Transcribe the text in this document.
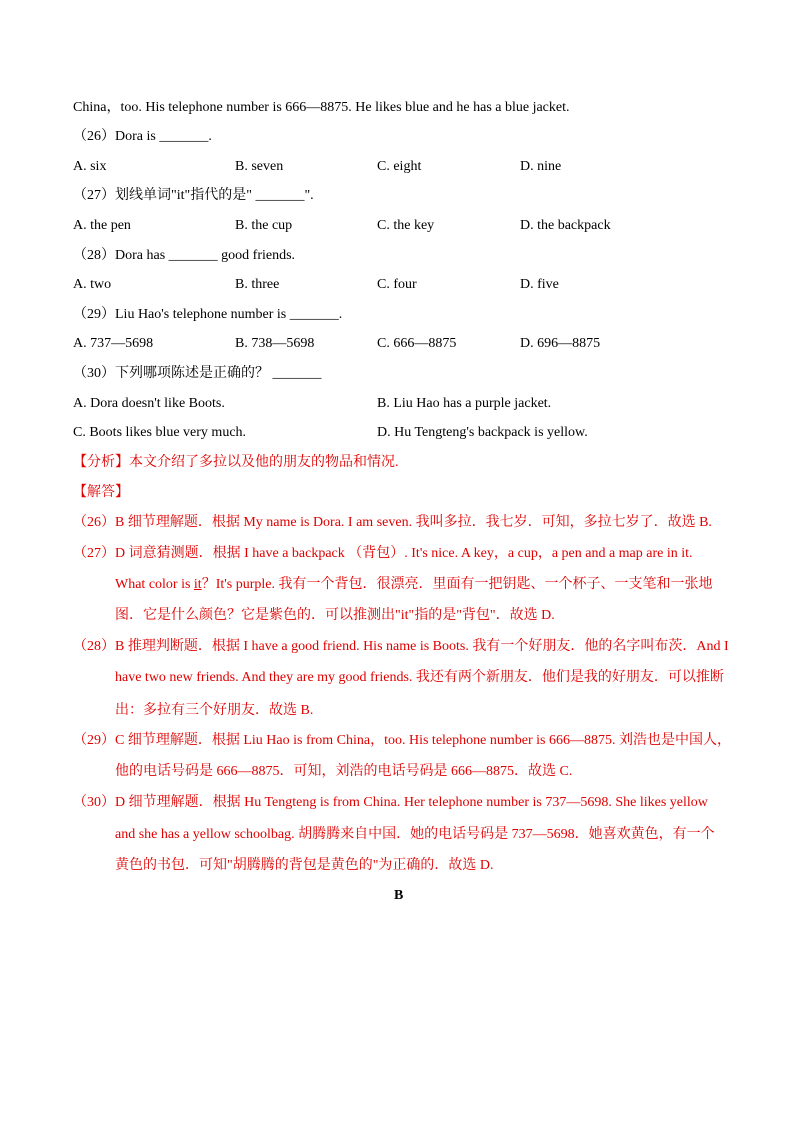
China，too. His telephone number is 666—8875. He likes blue and he has a blue jacket.
（26）Dora is _______.
A. six	B. seven	C. eight	D. nine
（27）划线单词"it"指代的是" _______".
A. the pen	B. the cup	C. the key	D. the backpack
（28）Dora has _______ good friends.
A. two	B. three	C. four	D. five
（29）Liu Hao's telephone number is _______.
A. 737—5698	B. 738—5698	C. 666—8875	D. 696—8875
（30）下列哪项陈述是正确的？ _______
A. Dora doesn't like Boots.	B. Liu Hao has a purple jacket.
C. Boots likes blue very much.	D. Hu Tengteng's backpack is yellow.
【分析】本文介绍了多拉以及他的朋友的物品和情况.
【解答】
（26）B 细节理解题．根据 My name is Dora. I am seven. 我叫多拉．我七岁．可知，多拉七岁了．故选 B.
（27）D 词意猜测题．根据 I have a backpack （背包）. It's nice. A key，a cup，a pen and a map are in it.
What color is it？It's purple. 我有一个背包．很漂亮．里面有一把钥匙、一个杯子、一支笔和一张地
图．它是什么颜色？它是紫色的．可以推测出"it"指的是"背包"．故选 D.
（28）B 推理判断题．根据 I have a good friend. His name is Boots. 我有一个好朋友．他的名字叫布茨．And I
have two new friends. And they are my good friends. 我还有两个新朋友．他们是我的好朋友．可以推断
出：多拉有三个好朋友．故选 B.
（29）C 细节理解题．根据 Liu Hao is from China，too. His telephone number is 666—8875. 刘浩也是中国人，
他的电话号码是 666—8875．可知，刘浩的电话号码是 666—8875．故选 C.
（30）D 细节理解题．根据 Hu Tengteng is from China. Her telephone number is 737—5698. She likes yellow
and she has a yellow schoolbag. 胡腾腾来自中国．她的电话号码是 737—5698．她喜欢黄色，有一个
黄色的书包．可知"胡腾腾的背包是黄色的"为正确的．故选 D.
B
